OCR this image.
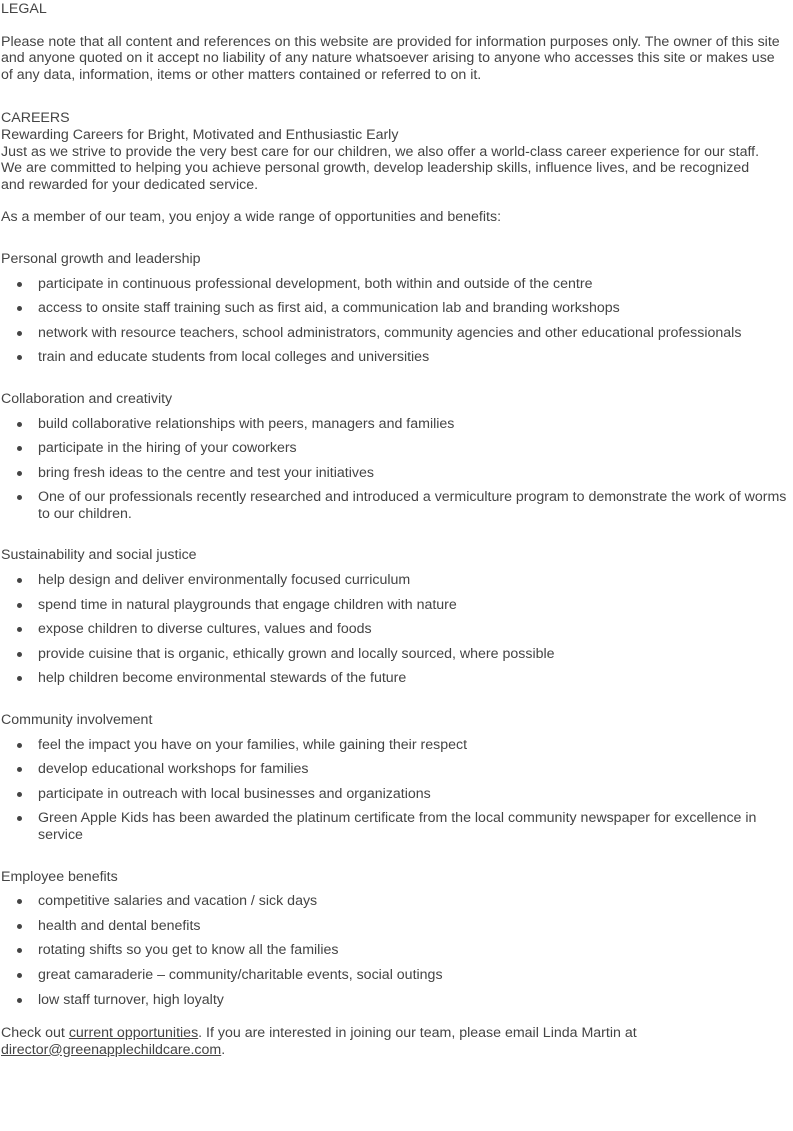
LEGAL

Please note that all content and references on this website are provided for information purposes only. The owner of this site and anyone quoted on it accept no liability of any nature whatsoever arising to anyone who accesses this site or makes use of any data, information, items or other matters contained or referred to on it.

CAREERS

Rewarding Careers for Bright, Motivated and Enthusiastic Early

Just as we strive to provide the very best care for our children, we also offer a world-class career experience for our staff. We are committed to helping you achieve personal growth, develop leadership skills, influence lives, and be recognized and rewarded for your dedicated service.

As a member of our team, you enjoy a wide range of opportunities and benefits:

Personal growth and leadership

participate in continuous professional development, both within and outside of the centre
access to onsite staff training such as first aid, a communication lab and branding workshops
network with resource teachers, school administrators, community agencies and other educational professionals
train and educate students from local colleges and universities

Collaboration and creativity

build collaborative relationships with peers, managers and families
participate in the hiring of your coworkers
bring fresh ideas to the centre and test your initiatives
One of our professionals recently researched and introduced a vermiculture program to demonstrate the work of worms to our children.

Sustainability and social justice

help design and deliver environmentally focused curriculum
spend time in natural playgrounds that engage children with nature
expose children to diverse cultures, values and foods
provide cuisine that is organic, ethically grown and locally sourced, where possible
help children become environmental stewards of the future

Community involvement

feel the impact you have on your families, while gaining their respect
develop educational workshops for families
participate in outreach with local businesses and organizations
Green Apple Kids has been awarded the platinum certificate from the local community newspaper for excellence in service

Employee benefits

competitive salaries and vacation / sick days
health and dental benefits
rotating shifts so you get to know all the families
great camaraderie – community/charitable events, social outings
low staff turnover, high loyalty

Check out current opportunities. If you are interested in joining our team, please email Linda Martin at
director@greenapplechildcare.com.
